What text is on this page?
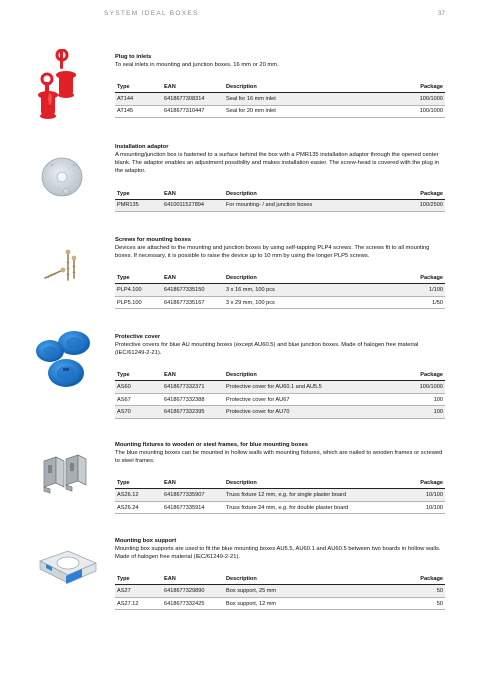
SYSTEM IDEAL BOXES	37
Plug to inlets

To seal inlets in mounting and junction boxes, 16 mm or 20 mm.

Type	EAN	Description	Package
AT144	6418677308314	Seal for 16 mm inlet	100/1000
AT145	6418677310447	Seal for 20 mm inlet	100/1000
Installation adaptor

A mounting/junction box is fastened to a surface behind the box with a PMR135 installation adaptor through the opened center blank. The adaptor enables an adjustment possibility and makes installation easier. The screw-head is covered with the plug in the adaptor.

Type	EAN	Description	Package
PMR135	6410011527894	For mounting- / and junction boxes	100/2500
Screws for mounting boxes

Devices are attached to the mounting and junction boxes by using self-tapping PLP4 screws. The screws fit to all mounting boxes. If necessary, it is possible to raise the device up to 10 mm by using the longer PLP5 screws.

Type	EAN	Description	Package
PLP4.100	6418677335150	3 x 16 mm, 100 pcs	1/100
PLP5.100	6418677335167	3 x 29 mm, 100 pcs	1/50
Protective cover

Protective covers for blue AU mounting boxes (except AU60.5) and blue junction boxes. Made of halogen free material (IEC/61249-2-21).

Type	EAN	Description	Package
AS60	6418677332371	Protective cover for AU60.1 and AU5.5	100/1000
AS67	6418677332388	Protective cover for AU67	100
AS70	6418677332395	Protective cover for AU70	100
Mounting fixtures to wooden or steel frames, for blue mounting boxes

The blue mounting boxes can be mounted in hollow walls with mounting fixtures, which are nailed to wooden frames or screwed to steel frames.

Type	EAN	Description	Package
AS26.12	6418677335907	Truss fixture 12 mm, e.g. for single plaster board	10/100
AS26.24	6418677335914	Truss fixture 24 mm, e.g. for double plaster board	10/100
Mounting box support

Mounting box supports are used to fit the blue mounting boxes AU5.5, AU60.1 and AU60.5 between two boards in hollow walls. Made of halogen free material (IEC/61249-2-21).

Type	EAN	Description	Package
AS27	6418677329890	Box support, 25 mm	50
AS27.12	6418677332425	Box support, 12 mm	50
